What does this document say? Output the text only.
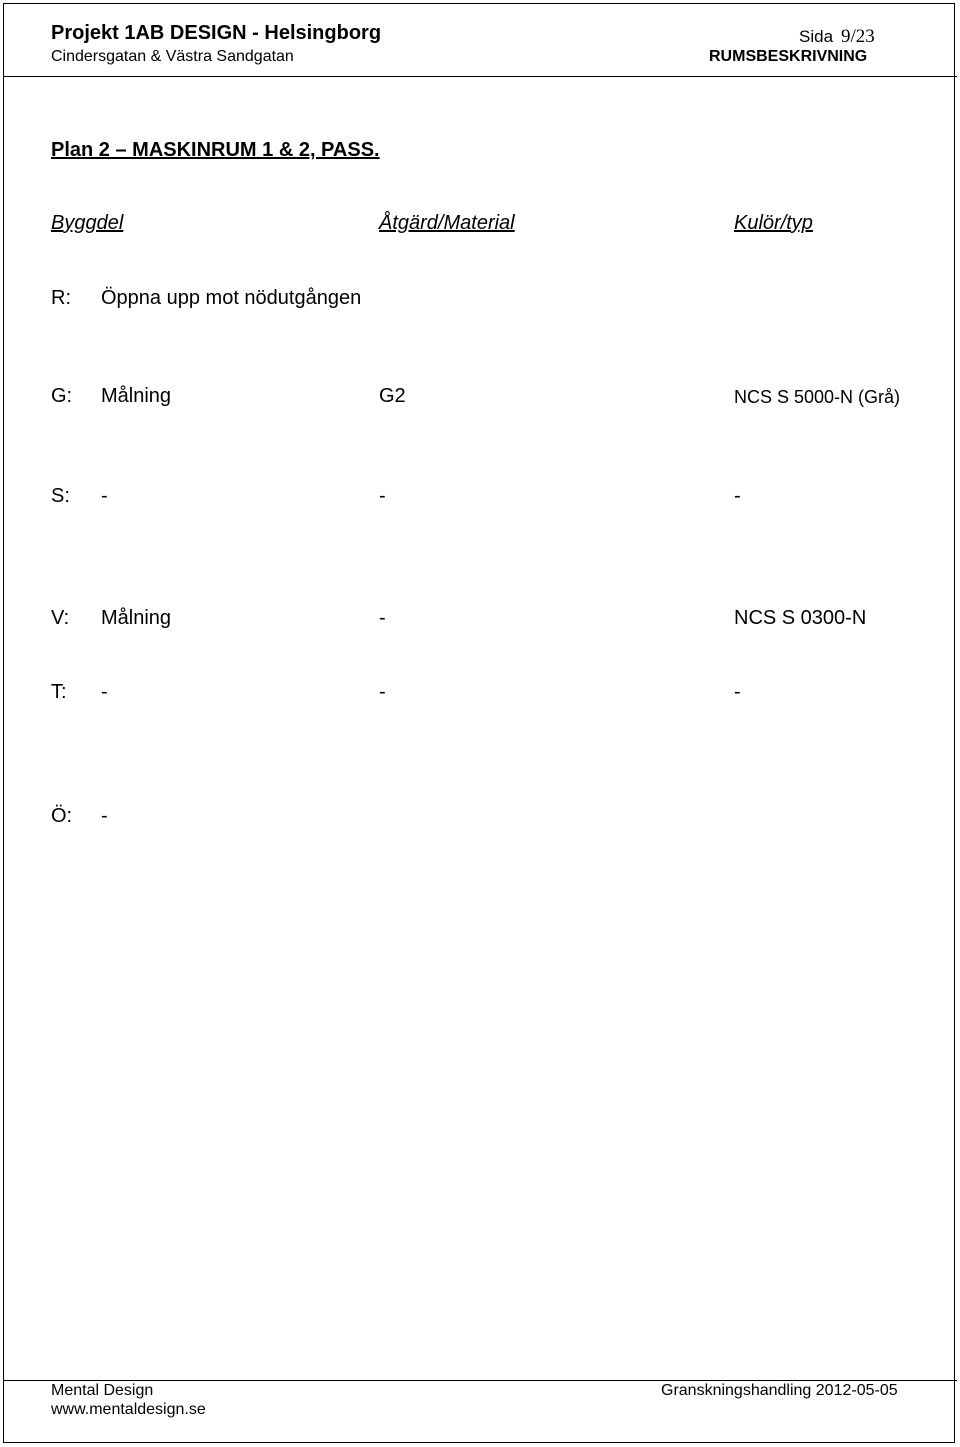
Projekt 1AB DESIGN - Helsingborg
Cindersgatan & Västra Sandgatan
Sida 9/23
RUMSBESKRIVNING
Plan 2 – MASKINRUM 1 & 2, PASS.
Byggdel	Åtgärd/Material	Kulör/typ
R: Öppna upp mot nödutgången
G: Målning	G2	NCS S 5000-N (Grå)
S: -	-	-
V: Målning	-	NCS S 0300-N
T: -	-	-
Ö: -
Mental Design
www.mentaldesign.se
Granskningshandling 2012-05-05
